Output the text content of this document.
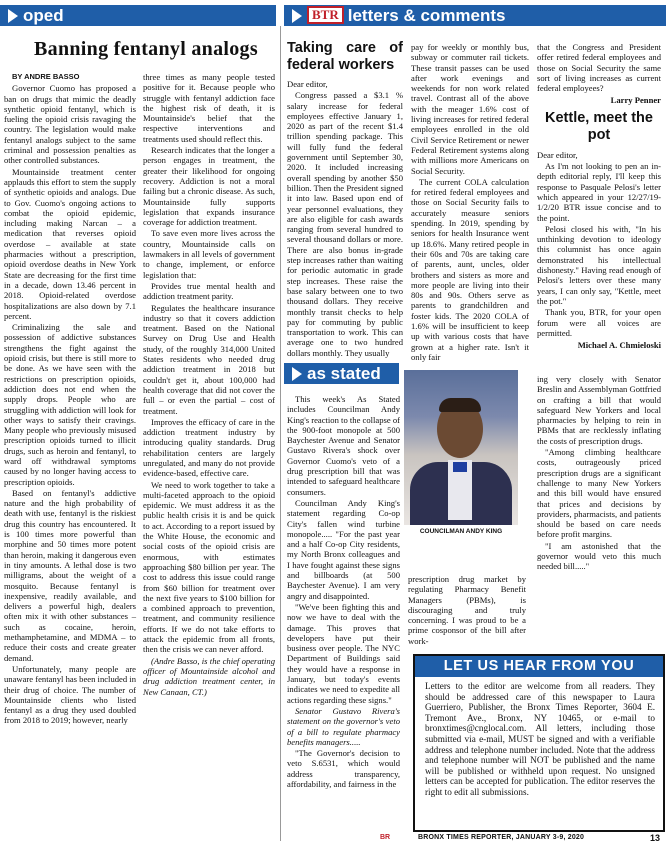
oped	BTR letters & comments
as stated
Banning fentanyl analogs

BY ANDRE BASSO

Governor Cuomo has proposed a ban on drugs that mimic the deadly synthetic opioid fentanyl, which is fueling the opioid crisis ravaging the country. The legislation would make fentanyl analogs subject to the same criminal and possession penalties as other controlled substances.

Mountainside treatment center applauds this effort to stem the supply of synthetic opioids and analogs. Due to Gov. Cuomo's ongoing actions to combat the opioid epidemic, including making Narcan – a medication that reverses opioid overdose – available at state pharmacies without a prescription, opioid overdose deaths in New York State are decreasing for the first time in a decade, down 13.46 percent in 2018. Opioid-related overdose hospitalizations are also down by 7.1 percent.

Criminalizing the sale and possession of addictive substances strengthens the fight against the opioid crisis, but there is still more to be done. As we have seen with the restrictions on prescription opioids, addiction does not end when the supply drops. People who are struggling with addiction will look for other ways to satisfy their cravings. Many people who previously misused prescription opioids turned to illicit drugs, such as heroin and fentanyl, to ward off withdrawal symptoms caused by no longer having access to prescription opioids.

Based on fentanyl's addictive nature and the high probability of death with use, fentanyl is the riskiest drug this country has encountered. It is 100 times more powerful than morphine and 50 times more potent than heroin, making it dangerous even in tiny amounts. A lethal dose is two milligrams, about the weight of a mosquito. Because fentanyl is inexpensive, readily available, and delivers a powerful high, dealers often mix it with other substances – such as cocaine, heroin, methamphetamine, and MDMA – to reduce their costs and create greater demand.

Unfortunately, many people are unaware fentanyl has been included in their drug of choice. The number of Mountainside clients who listed fentanyl as a drug they used doubled from 2018 to 2019; however, nearly

three times as many people tested positive for it. Because people who struggle with fentanyl addiction face the highest risk of death, it is Mountainside's belief that the respective interventions and treatments used should reflect this.

Research indicates that the longer a person engages in treatment, the greater their likelihood for ongoing recovery. Addiction is not a moral failing but a chronic disease. As such, Mountainside fully supports legislation that expands insurance coverage for addiction treatment.

To save even more lives across the country, Mountainside calls on lawmakers in all levels of government to change, implement, or enforce legislation that:

Provides true mental health and addiction treatment parity.

Regulates the healthcare insurance industry so that it covers addiction treatment. Based on the National Survey on Drug Use and Health study, of the roughly 314,000 United States residents who needed drug addiction treatment in 2018 but couldn't get it, about 100,000 had health coverage that did not cover the full – or even the partial – cost of treatment.

Improves the efficacy of care in the addiction treatment industry by introducing quality standards. Drug rehabilitation centers are largely unregulated, and many do not provide evidence-based, effective care.

We need to work together to take a multi-faceted approach to the opioid epidemic. We must address it as the public health crisis it is and be quick to act. According to a report issued by the White House, the economic and social costs of the opioid crisis are enormous, with estimates approaching $80 billion per year. The cost to address this issue could range from $60 billion for treatment over the next five years to $100 billion for a combined approach to prevention, treatment, and community resilience efforts. If we do not take efforts to attack the epidemic from all fronts, then the crisis we can never afford.

(Andre Basso, is the chief operating officer of Mountainside alcohol and drug addiction treatment center, in New Canaan, CT.)

Taking care of federal workers

Dear editor,

Congress passed a $3.1 % salary increase for federal employees effective January 1, 2020 as part of the recent $1.4 trillion spending package. This will fully fund the federal government until September 30, 2020. It included increasing overall spending by another $50 billion. Then the President signed it into law. Based upon end of year personnel evaluations, they are also eligible for cash awards ranging from several hundred to several thousand dollars or more. There are also bonus in-grade step increases rather than waiting for periodic automatic in grade step increases. These raise the base salary between one to two thousand dollars. They receive monthly transit checks to help pay for commuting by public transportation to work. This can average one to two hundred dollars monthly. They usually

pay for weekly or monthly bus, subway or commuter rail tickets. These transit passes can be used after work evenings and weekends for non work related travel. Contrast all of the above with the meager 1.6% cost of living increases for retired federal employees enrolled in the old Civil Service Retirement or newer Federal Retirement systems along with millions more Americans on Social Security.

The current COLA calculation for retired federal employees and those on Social Security fails to accurately measure seniors spending. In 2019, spending by seniors for health Insurance went up 18.6%. Many retired people in their 60s and 70s are taking care of parents, aunt, uncles, older brothers and sisters as more and more people are living into their 80s and 90s. Others serve as parents to grandchildren and foster kids. The 2020 COLA of 1.6% will be insufficient to keep up with various costs that have grown at a higher rate. Isn't it only fair

that the Congress and President offer retired federal employees and those on Social Security the same sort of living increases as current federal employees?

Larry Penner

Kettle, meet the pot

Dear editor,

As I'm not looking to pen an in-depth editorial reply, I'll keep this response to Pasquale Pelosi's letter which appeared in your 12/27/19-1/2/20 BTR issue concise and to the point.

Pelosi closed his with, "In his unthinking devotion to ideology this columnist has once again demonstrated his intellectual dishonesty." Having read enough of Pelosi's letters over these many years, I can only say, "Kettle, meet the pot."

Thank you, BTR, for your open forum were all voices are permitted.

Michael A. Chmieloski

This week's As Stated includes Councilman Andy King's reaction to the collapse of the 900-foot monopole at 500 Baychester Avenue and Senator Gustavo Rivera's shock over Governor Cuomo's veto of a drug prescription bill that was intended to safeguard healthcare consumers.

Councilman Andy King's statement regarding Co-op City's fallen wind turbine monopole..... "For the past year and a half Co-op City residents, my North Bronx colleagues and I have fought against these signs and billboards (at 500 Baychester Avenue). I am very angry and disappointed.

"We've been fighting this and now we have to deal with the damage. This proves that developers have put their business over people. The NYC Department of Buildings said they would have a response in January, but today's events indicates we need to expedite all actions regarding these signs."

Senator Gustavo Rivera's statement on the governor's veto of a bill to regulate pharmacy benefits managers.....

"The Governor's decision to veto S.6531, which would address transparency, affordability, and fairness in the

COUNCILMAN ANDY KING

prescription drug market by regulating Pharmacy Benefit Managers (PBMs), is discouraging and truly concerning. I was proud to be a prime cosponsor of the bill after work-

ing very closely with Senator Breslin and Assemblyman Gottfried on crafting a bill that would safeguard New Yorkers and local pharmacies by helping to rein in PBMs that are recklessly inflating the costs of prescription drugs.

"Among climbing healthcare costs, outrageously priced prescription drugs are a significant challenge to many New Yorkers and this bill would have ensured that prices and decisions by providers, pharmacists, and patients should be based on care needs before profit margins.

"I am astonished that the governor would veto this much needed bill....."

LET US HEAR FROM YOU
Letters to the editor are welcome from all readers. They should be addressed care of this newspaper to Laura Guerriero, Publisher, the Bronx Times Reporter, 3604 E. Tremont Ave., Bronx, NY 10465, or e-mail to bronxtimes@cnglocal.com. All letters, including those submitted via e-mail, MUST be signed and with a verifiable address and telephone number included. Note that the address and telephone number will NOT be published and the name will be published or withheld upon request. No unsigned letters can be accepted for publication. The editor reserves the right to edit all submissions.
BR	BRONX TIMES REPORTER, JANUARY 3-9, 2020	13
